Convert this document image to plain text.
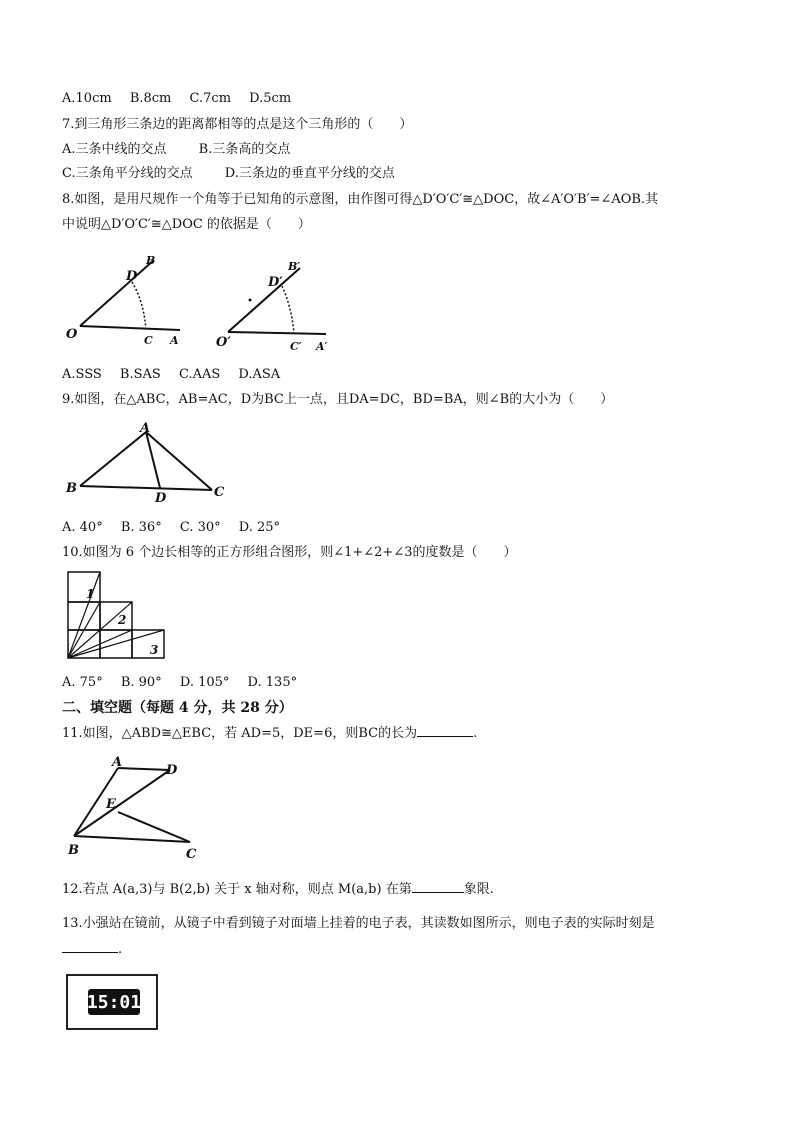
A.10cm B.8cm C.7cm D.5cm
7.到三角形三条边的距离都相等的点是这个三角形的（　　）
A.三条中线的交点 B.三条高的交点
C.三条角平分线的交点 D.三条边的垂直平分线的交点
8.如图，是用尺规作一个角等于已知角的示意图，由作图可得△D′O′C′≅△DOC，故∠A′O′B′=∠AOB.其
中说明△D′O′C′≅△DOC 的依据是（　　）
O
D
B
C A	O′
D′
B′
C′ A′
A.SSS B.SAS C.AAS D.ASA
9.如图，在△ABC，AB=AC，D为BC上一点，且DA=DC，BD=BA，则∠B的大小为（　　）
A
B
D	C
A. 40° B. 36° C. 30° D. 25°
10.如图为 6 个边长相等的正方形组合图形，则∠1+∠2+∠3的度数是（　　）
1
2
3
A. 75° B. 90° D. 105° D. 135°
二、填空题（每题 4 分，共 28 分）
11.如图，△ABD≅△EBC，若 AD=5，DE=6，则BC的长为	.
A
D
E
B	C
12.若点 A(a,3)与 B(2,b) 关于 x 轴对称，则点 M(a,b) 在第	象限.
13.小强站在镜前，从镜子中看到镜子对面墙上挂着的电子表，其读数如图所示，则电子表的实际时刻是
.
15:01
